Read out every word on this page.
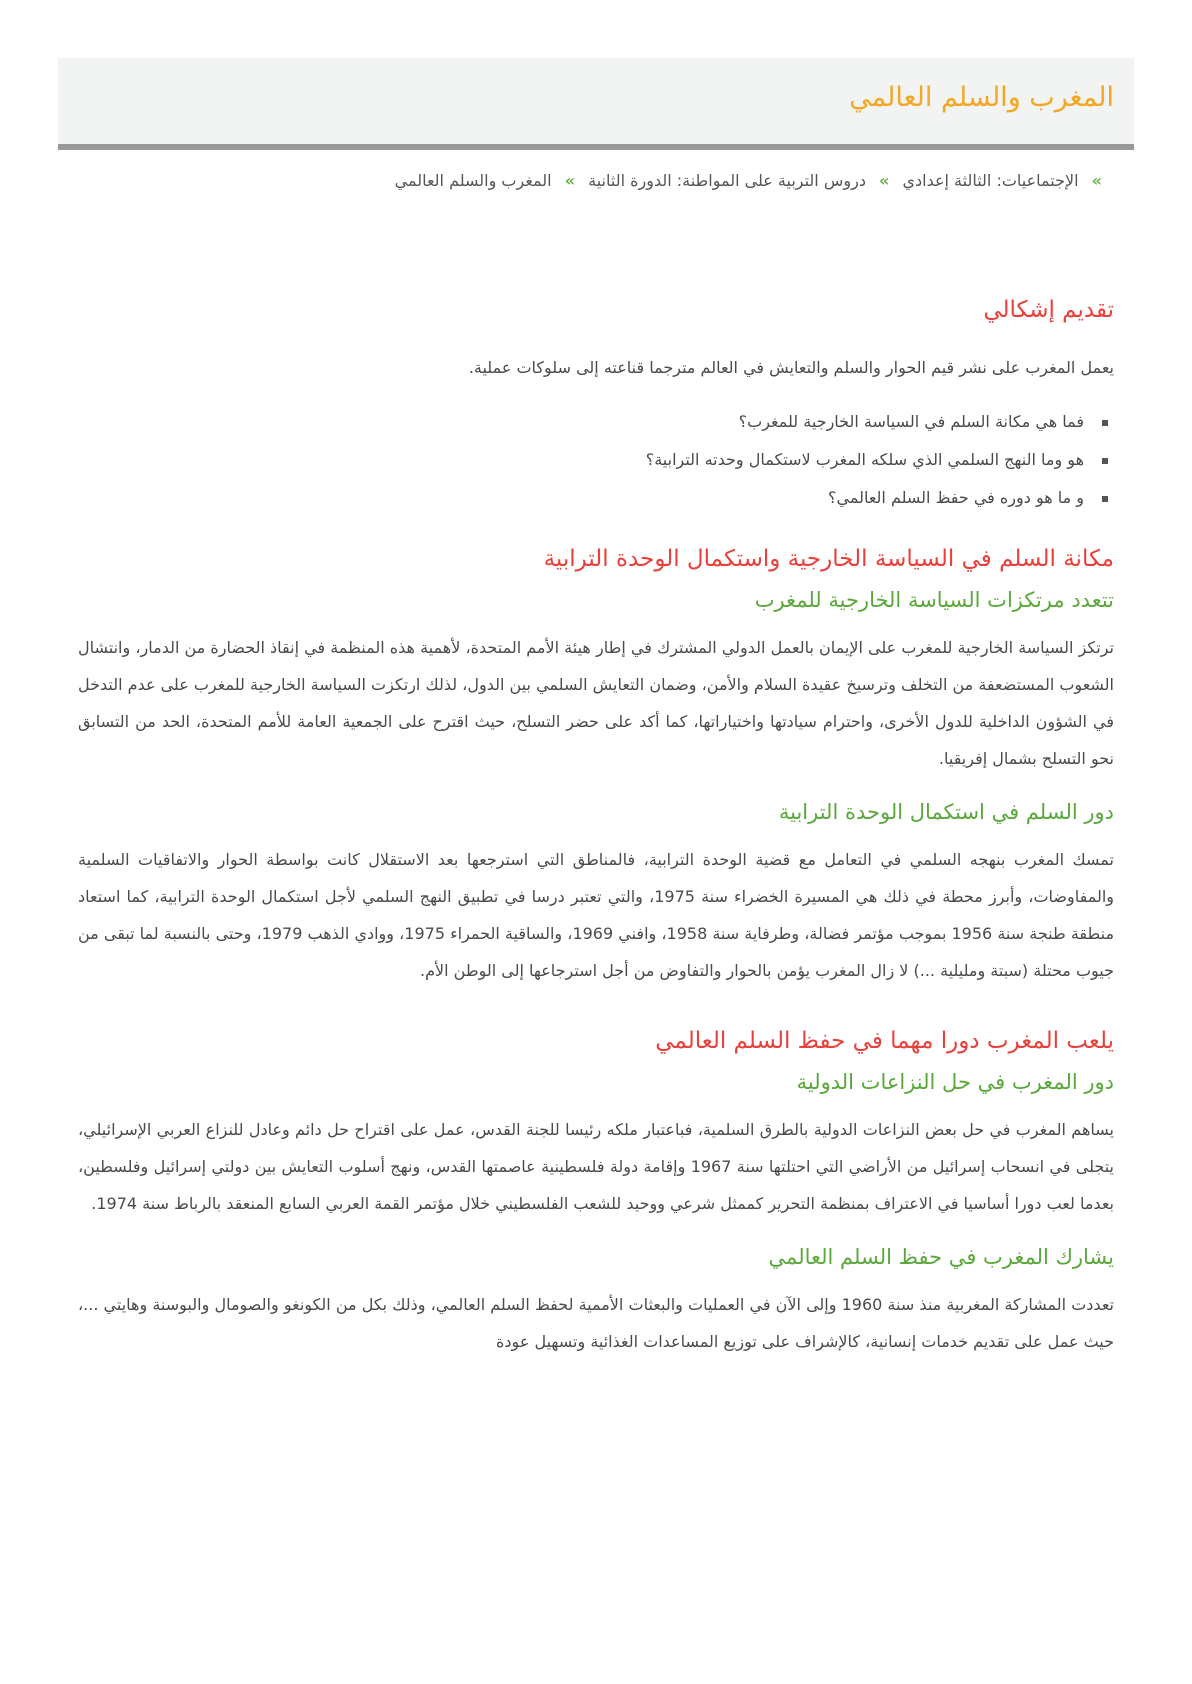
المغرب والسلم العالمي
» الإجتماعيات: الثالثة إعدادي » دروس التربية على المواطنة: الدورة الثانية » المغرب والسلم العالمي
تقديم إشكالي

يعمل المغرب على نشر قيم الحوار والسلم والتعايش في العالم مترجما قناعته إلى سلوكات عملية.

فما هي مكانة السلم في السياسة الخارجية للمغرب؟
هو وما النهج السلمي الذي سلكه المغرب لاستكمال وحدته الترابية؟
و ما هو دوره في حفظ السلم العالمي؟
مكانة السلم في السياسة الخارجية واستكمال الوحدة الترابية
تتعدد مرتكزات السياسة الخارجية للمغرب

ترتكز السياسة الخارجية للمغرب على الإيمان بالعمل الدولي المشترك في إطار هيئة الأمم المتحدة، لأهمية هذه المنظمة في إنقاذ الحضارة من الدمار، وانتشال الشعوب المستضعفة من التخلف وترسيخ عقيدة السلام والأمن، وضمان التعايش السلمي بين الدول، لذلك ارتكزت السياسة الخارجية للمغرب على عدم التدخل في الشؤون الداخلية للدول الأخرى، واحترام سيادتها واختياراتها، كما أكد على حضر التسلح، حيث اقترح على الجمعية العامة للأمم المتحدة، الحد من التسابق نحو التسلح بشمال إفريقيا.

دور السلم في استكمال الوحدة الترابية

تمسك المغرب بنهجه السلمي في التعامل مع قضية الوحدة الترابية، فالمناطق التي استرجعها بعد الاستقلال كانت بواسطة الحوار والاتفاقيات السلمية والمفاوضات، وأبرز محطة في ذلك هي المسيرة الخضراء سنة 1975، والتي تعتبر درسا في تطبيق النهج السلمي لأجل استكمال الوحدة الترابية، كما استعاد منطقة طنجة سنة 1956 بموجب مؤتمر فضالة، وطرفاية سنة 1958، وافني 1969، والساقية الحمراء 1975، ووادي الذهب 1979، وحتى بالنسبة لما تبقى من جيوب محتلة (سبتة ومليلية ...) لا زال المغرب يؤمن بالحوار والتفاوض من أجل استرجاعها إلى الوطن الأم.

يلعب المغرب دورا مهما في حفظ السلم العالمي
دور المغرب في حل النزاعات الدولية

يساهم المغرب في حل بعض النزاعات الدولية بالطرق السلمية، فباعتبار ملكه رئيسا للجنة القدس، عمل على اقتراح حل دائم وعادل للنزاع العربي الإسرائيلي، يتجلى في انسحاب إسرائيل من الأراضي التي احتلتها سنة 1967 وإقامة دولة فلسطينية عاصمتها القدس، ونهج أسلوب التعايش بين دولتي إسرائيل وفلسطين، بعدما لعب دورا أساسيا في الاعتراف بمنظمة التحرير كممثل شرعي ووحيد للشعب الفلسطيني خلال مؤتمر القمة العربي السابع المنعقد بالرباط سنة 1974.

يشارك المغرب في حفظ السلم العالمي

تعددت المشاركة المغربية منذ سنة 1960 وإلى الآن في العمليات والبعثات الأممية لحفظ السلم العالمي، وذلك بكل من الكونغو والصومال والبوسنة وهايتي ...، حيث عمل على تقديم خدمات إنسانية، كالإشراف على توزيع المساعدات الغذائية وتسهيل عودة
